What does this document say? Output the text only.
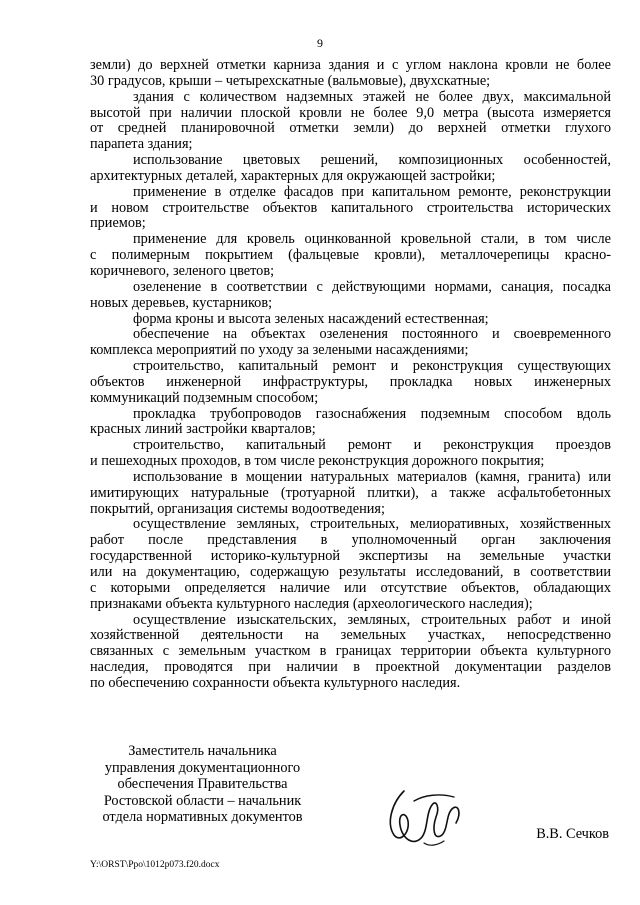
9

земли) до верхней отметки карниза здания и с углом наклона кровли не более

30 градусов, крыши – четырехскатные (вальмовые), двухскатные;

здания с количеством надземных этажей не более двух, максимальной

высотой при наличии плоской кровли не более 9,0 метра (высота измеряется

от средней планировочной отметки земли) до верхней отметки глухого

парапета здания;

использование цветовых решений, композиционных особенностей,

архитектурных деталей, характерных для окружающей застройки;

применение в отделке фасадов при капитальном ремонте, реконструкции

и новом строительстве объектов капитального строительства исторических

приемов;

применение для кровель оцинкованной кровельной стали, в том числе

с полимерным покрытием (фальцевые кровли), металлочерепицы красно-

коричневого, зеленого цветов;

озеленение в соответствии с действующими нормами, санация, посадка

новых деревьев, кустарников;

форма кроны и высота зеленых насаждений естественная;

обеспечение на объектах озеленения постоянного и своевременного

комплекса мероприятий по уходу за зелеными насаждениями;

строительство, капитальный ремонт и реконструкция существующих

объектов инженерной инфраструктуры, прокладка новых инженерных

коммуникаций подземным способом;

прокладка трубопроводов газоснабжения подземным способом вдоль

красных линий застройки кварталов;

строительство, капитальный ремонт и реконструкция проездов

и пешеходных проходов, в том числе реконструкция дорожного покрытия;

использование в мощении натуральных материалов (камня, гранита) или

имитирующих натуральные (тротуарной плитки), а также асфальтобетонных

покрытий, организация системы водоотведения;

осуществление земляных, строительных, мелиоративных, хозяйственных

работ после представления в уполномоченный орган заключения

государственной историко-культурной экспертизы на земельные участки

или на документацию, содержащую результаты исследований, в соответствии

с которыми определяется наличие или отсутствие объектов, обладающих

признаками объекта культурного наследия (археологического наследия);

осуществление изыскательских, земляных, строительных работ и иной

хозяйственной деятельности на земельных участках, непосредственно

связанных с земельным участком в границах территории объекта культурного

наследия, проводятся при наличии в проектной документации разделов

по обеспечению сохранности объекта культурного наследия.

Заместитель начальника
управления документационного
обеспечения Правительства
Ростовской области – начальник
отдела нормативных документов
В.В. Сечков
Y:\ORST\Ppo\1012p073.f20.docx
